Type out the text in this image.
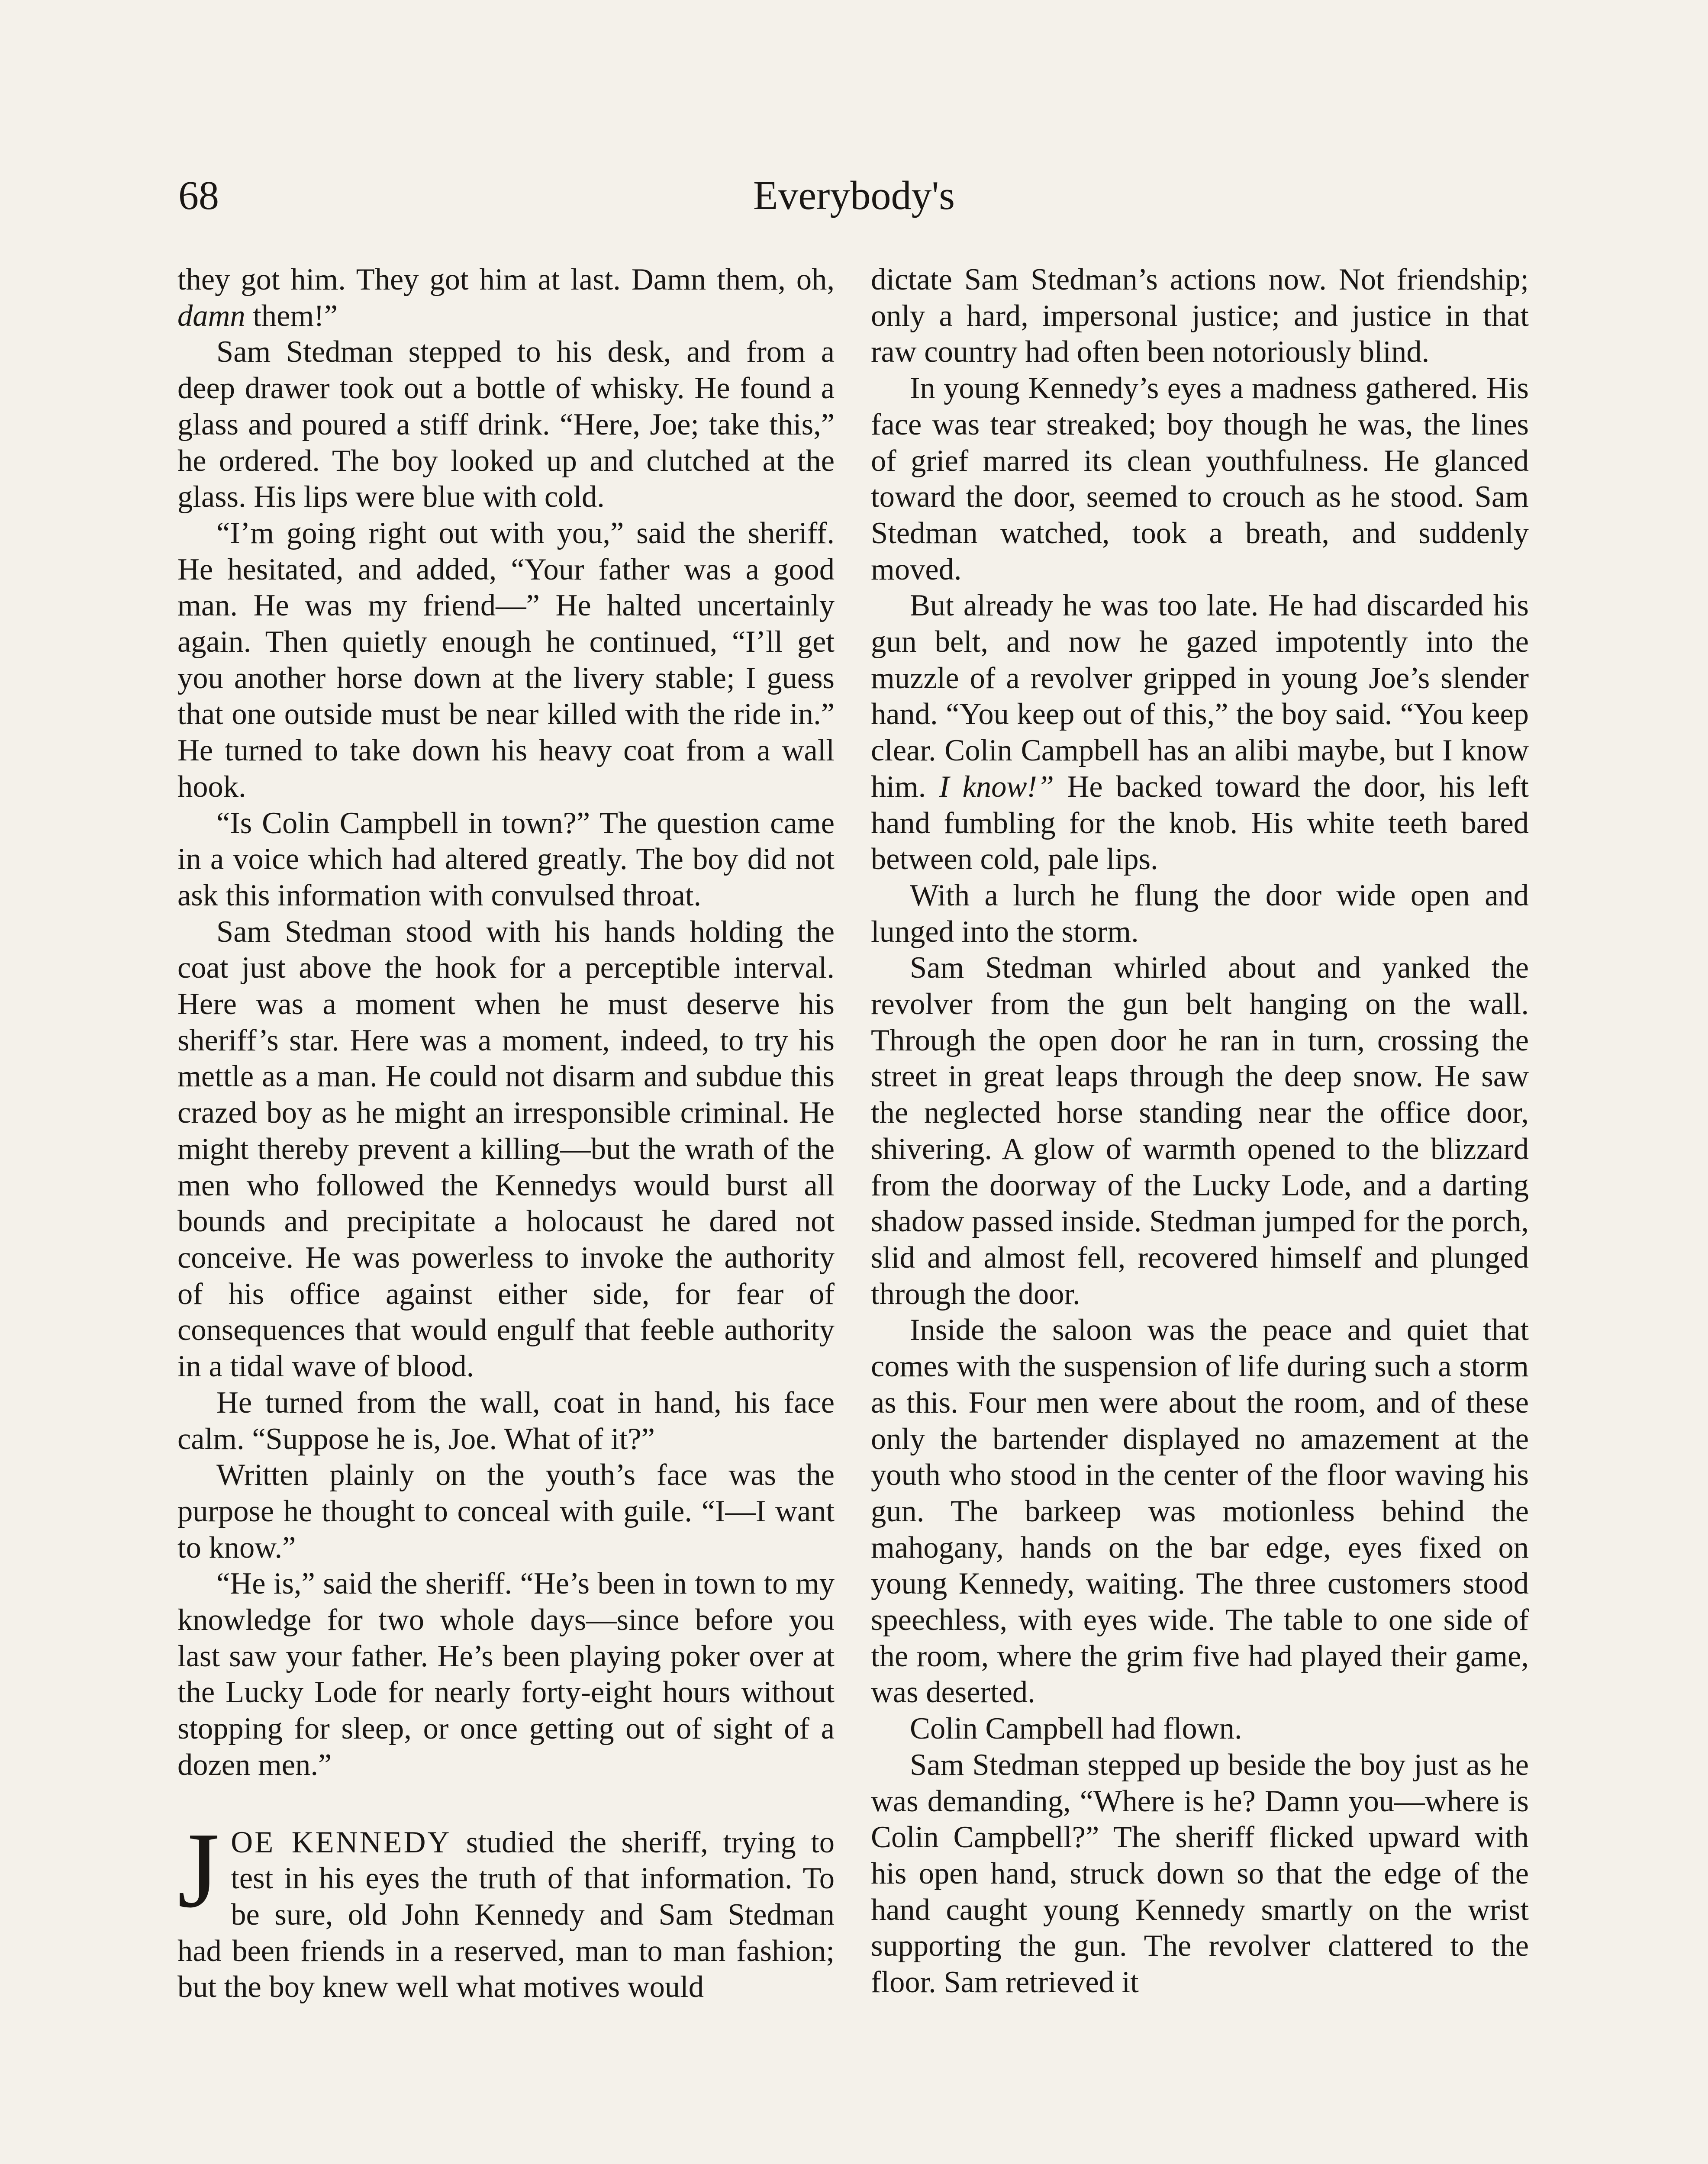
68	Everybody's

they got him. They got him at last. Damn them, oh, damn them!”

Sam Stedman stepped to his desk, and from a deep drawer took out a bottle of whisky. He found a glass and poured a stiff drink. “Here, Joe; take this,” he ordered. The boy looked up and clutched at the glass. His lips were blue with cold.

“I’m going right out with you,” said the sheriff. He hesitated, and added, “Your father was a good man. He was my friend—” He halted uncertainly again. Then quietly enough he continued, “I’ll get you another horse down at the livery stable; I guess that one outside must be near killed with the ride in.” He turned to take down his heavy coat from a wall hook.

“Is Colin Campbell in town?” The question came in a voice which had altered greatly. The boy did not ask this information with convulsed throat.

Sam Stedman stood with his hands holding the coat just above the hook for a perceptible interval. Here was a moment when he must deserve his sheriff’s star. Here was a moment, indeed, to try his mettle as a man. He could not disarm and subdue this crazed boy as he might an irresponsible criminal. He might thereby prevent a killing—but the wrath of the men who followed the Kennedys would burst all bounds and precipitate a holocaust he dared not conceive. He was powerless to invoke the authority of his office against either side, for fear of consequences that would engulf that feeble authority in a tidal wave of blood.

He turned from the wall, coat in hand, his face calm. “Suppose he is, Joe. What of it?”

Written plainly on the youth’s face was the purpose he thought to conceal with guile. “I—I want to know.”

“He is,” said the sheriff. “He’s been in town to my knowledge for two whole days—since before you last saw your father. He’s been playing poker over at the Lucky Lode for nearly forty-eight hours without stopping for sleep, or once getting out of sight of a dozen men.”

JOE KENNEDY studied the sheriff, trying to test in his eyes the truth of that information. To be sure, old John Kennedy and Sam Stedman had been friends in a reserved, man to man fashion; but the boy knew well what motives would

dictate Sam Stedman’s actions now. Not friendship; only a hard, impersonal justice; and justice in that raw country had often been notoriously blind.

In young Kennedy’s eyes a madness gathered. His face was tear streaked; boy though he was, the lines of grief marred its clean youthfulness. He glanced toward the door, seemed to crouch as he stood. Sam Stedman watched, took a breath, and suddenly moved.

But already he was too late. He had discarded his gun belt, and now he gazed impotently into the muzzle of a revolver gripped in young Joe’s slender hand. “You keep out of this,” the boy said. “You keep clear. Colin Campbell has an alibi maybe, but I know him. I know!” He backed toward the door, his left hand fumbling for the knob. His white teeth bared between cold, pale lips.

With a lurch he flung the door wide open and lunged into the storm.

Sam Stedman whirled about and yanked the revolver from the gun belt hanging on the wall. Through the open door he ran in turn, crossing the street in great leaps through the deep snow. He saw the neglected horse standing near the office door, shivering. A glow of warmth opened to the blizzard from the doorway of the Lucky Lode, and a darting shadow passed inside. Stedman jumped for the porch, slid and almost fell, recovered himself and plunged through the door.

Inside the saloon was the peace and quiet that comes with the suspension of life during such a storm as this. Four men were about the room, and of these only the bartender displayed no amazement at the youth who stood in the center of the floor waving his gun. The barkeep was motionless behind the mahogany, hands on the bar edge, eyes fixed on young Kennedy, waiting. The three customers stood speechless, with eyes wide. The table to one side of the room, where the grim five had played their game, was deserted.

Colin Campbell had flown.

Sam Stedman stepped up beside the boy just as he was demanding, “Where is he? Damn you—where is Colin Campbell?” The sheriff flicked upward with his open hand, struck down so that the edge of the hand caught young Kennedy smartly on the wrist supporting the gun. The revolver clattered to the floor. Sam retrieved it
